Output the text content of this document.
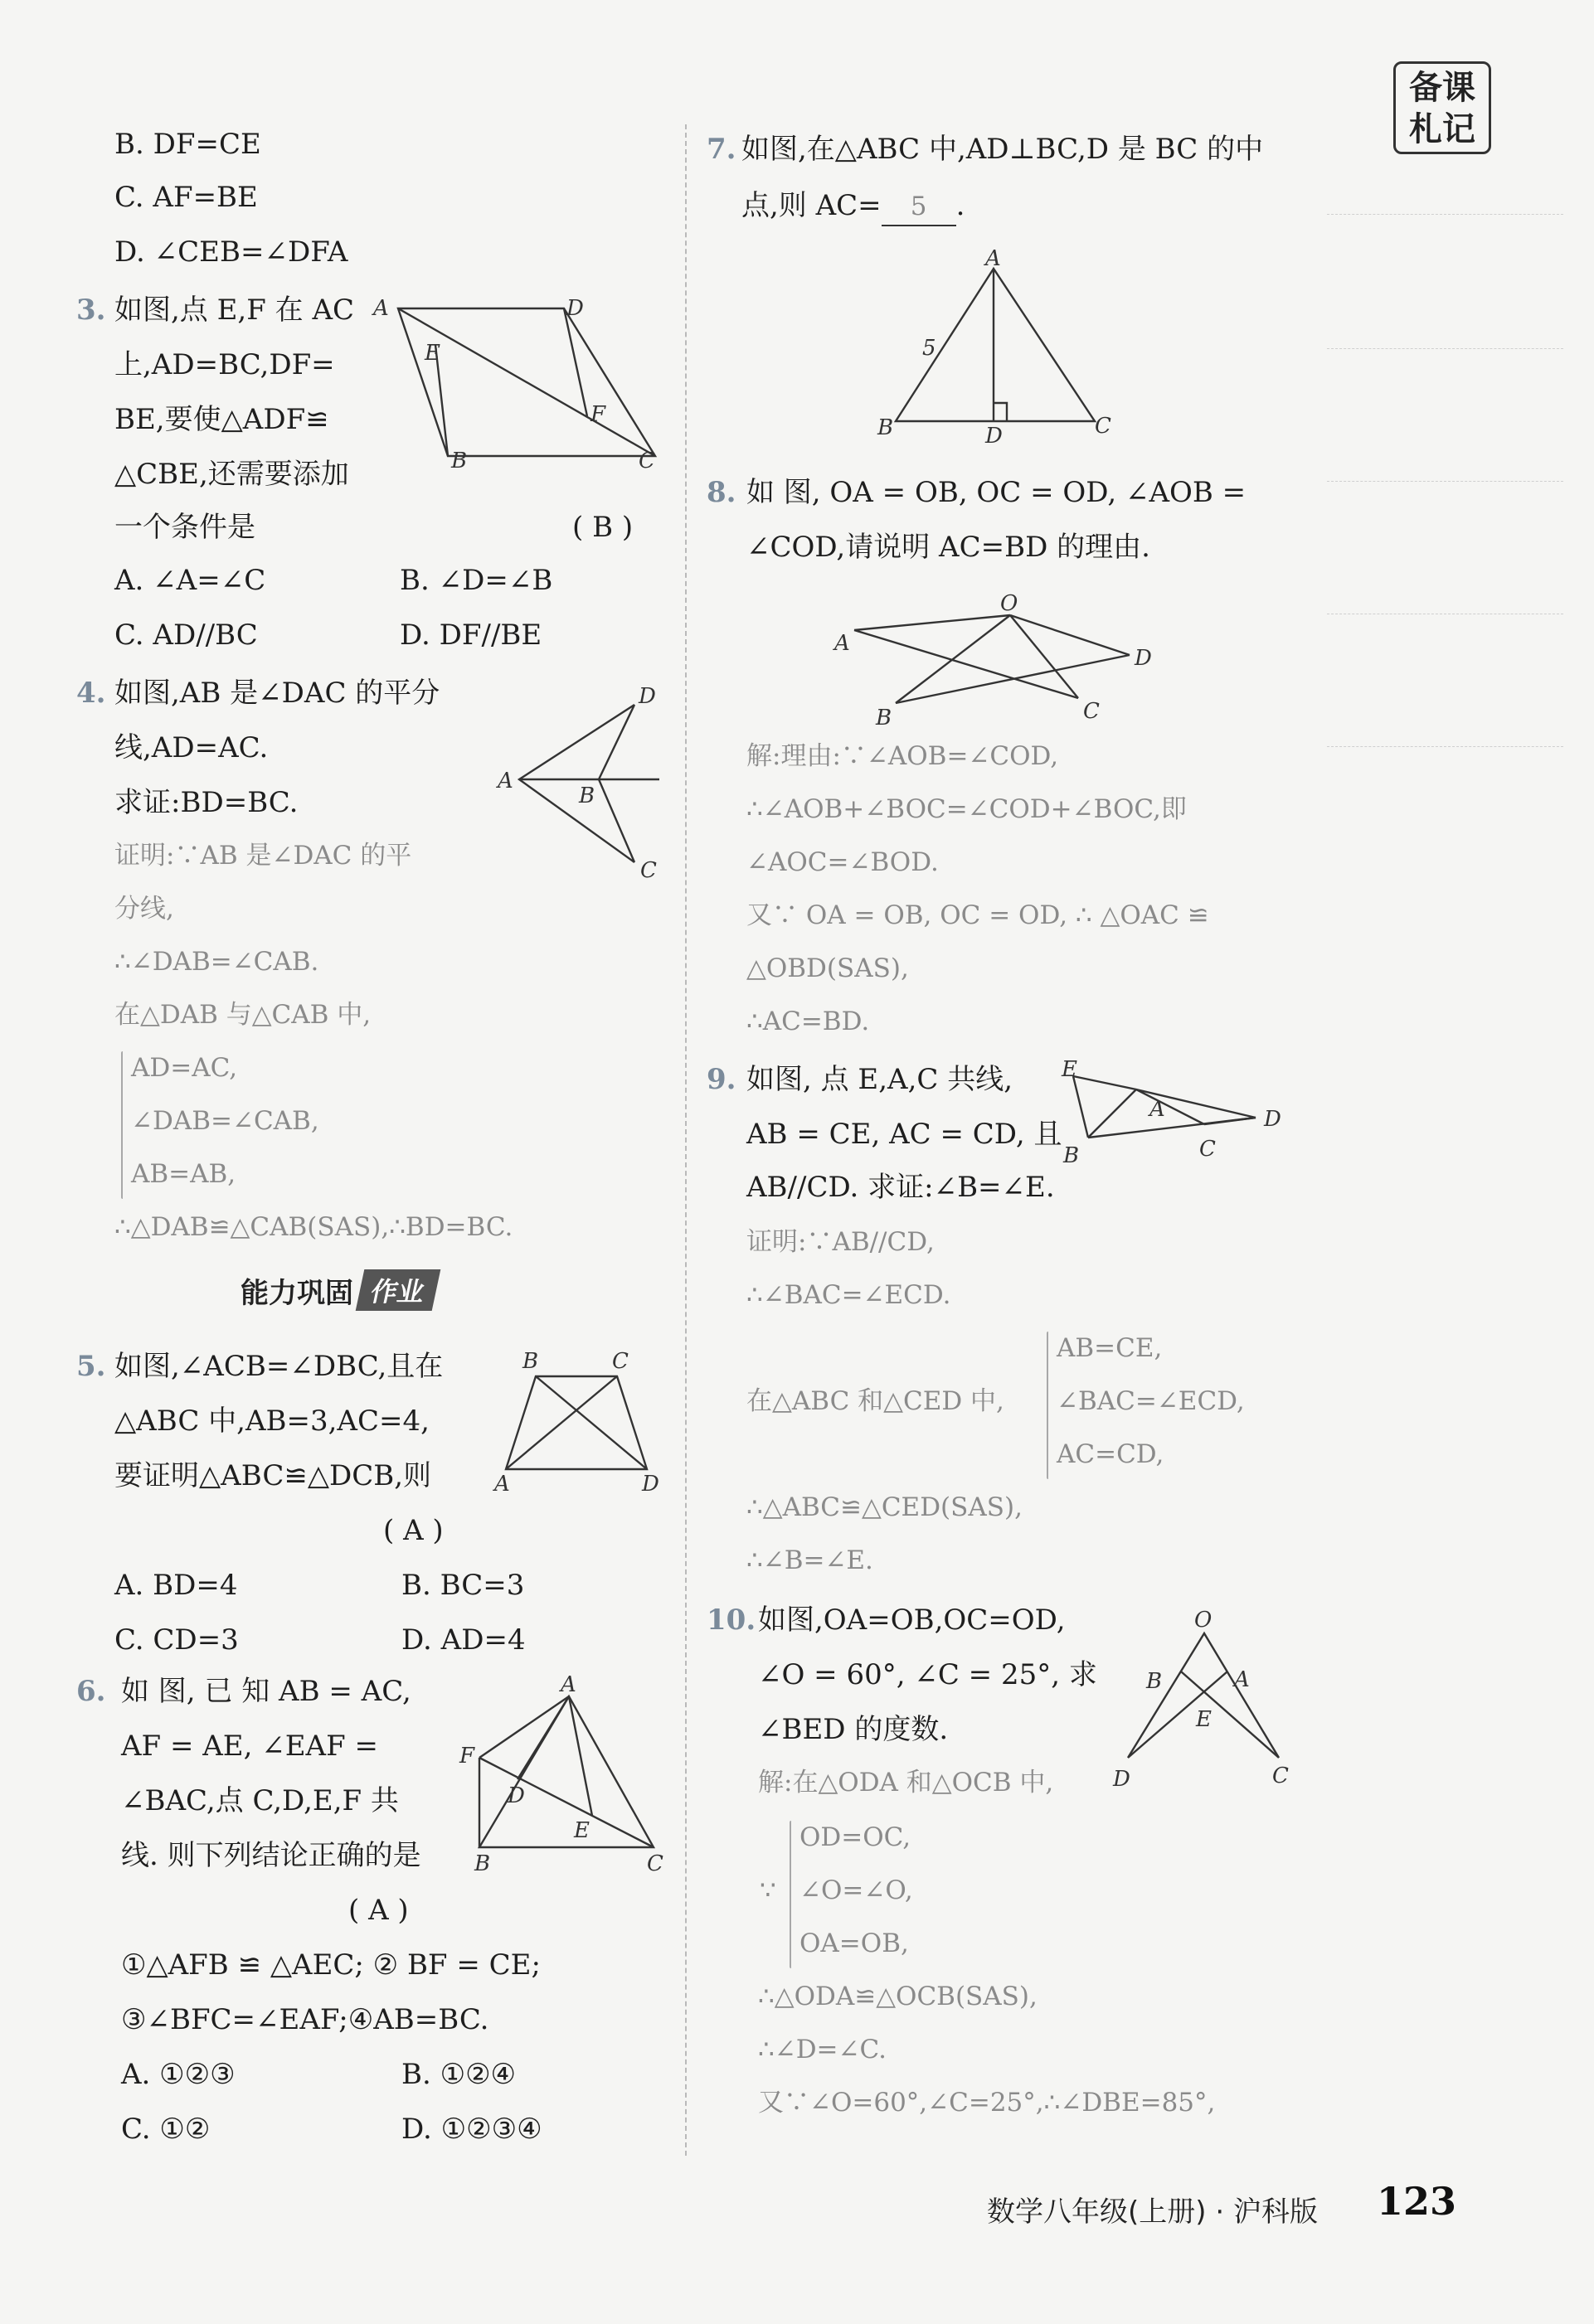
备课
札记
B. DF=CE
C. AF=BE
D. ∠CEB=∠DFA
3. 如图,点 E,F 在 AC
上,AD=BC,DF=
BE,要使△ADF≌
△CBE,还需要添加
一个条件是	( B )
A. ∠A=∠C	B. ∠D=∠B
C. AD//BC	D. DF//BE
A	D
E
F
B	C
4. 如图,AB 是∠DAC 的平分
线,AD=AC.
求证:BD=BC.
证明:∵AB 是∠DAC 的平
分线,
∴∠DAB=∠CAB.
在△DAB 与△CAB 中,
AD=AC,
∠DAB=∠CAB,
AB=AB,
∴△DAB≌△CAB(SAS),∴BD=BC.
D
A
B
C
能力巩固 作业
5. 如图,∠ACB=∠DBC,且在
△ABC 中,AB=3,AC=4,
要证明△ABC≌△DCB,则
( A )
A. BD=4	B. BC=3
C. CD=3	D. AD=4
B	C
A	D
6. 如 图, 已 知 AB = AC,
AF = AE, ∠EAF =
∠BAC,点 C,D,E,F 共
线. 则下列结论正确的是
( A )
①△AFB ≌ △AEC; ② BF = CE;
③∠BFC=∠EAF;④AB=BC.
A. ①②③	B. ①②④
C. ①②	D. ①②③④
A
F
D
E
B	C
7. 如图,在△ABC 中,AD⊥BC,D 是 BC 的中
点,则 AC= 5 .
A
5
B	D	C
8. 如 图, OA = OB, OC = OD, ∠AOB =
∠COD,请说明 AC=BD 的理由.
O
A
D
B	C
解:理由:∵∠AOB=∠COD,
∴∠AOB+∠BOC=∠COD+∠BOC,即
∠AOC=∠BOD.
又∵ OA = OB, OC = OD, ∴ △OAC ≌
△OBD(SAS),
∴AC=BD.
9. 如图, 点 E,A,C 共线,
AB = CE, AC = CD, 且
AB//CD. 求证:∠B=∠E.
E
A	D
B	C
证明:∵AB//CD,
∴∠BAC=∠ECD.
在△ABC 和△CED 中,
AB=CE,
∠BAC=∠ECD,
AC=CD,
∴△ABC≌△CED(SAS),
∴∠B=∠E.
10. 如图,OA=OB,OC=OD,
∠O = 60°, ∠C = 25°, 求
∠BED 的度数.
O
B	A
E
D	C
解:在△ODA 和△OCB 中,
∵
OD=OC,
∠O=∠O,
OA=OB,
∴△ODA≌△OCB(SAS),
∴∠D=∠C.
又∵∠O=60°,∠C=25°,∴∠DBE=85°,
数学八年级(上册) · 沪科版 123
